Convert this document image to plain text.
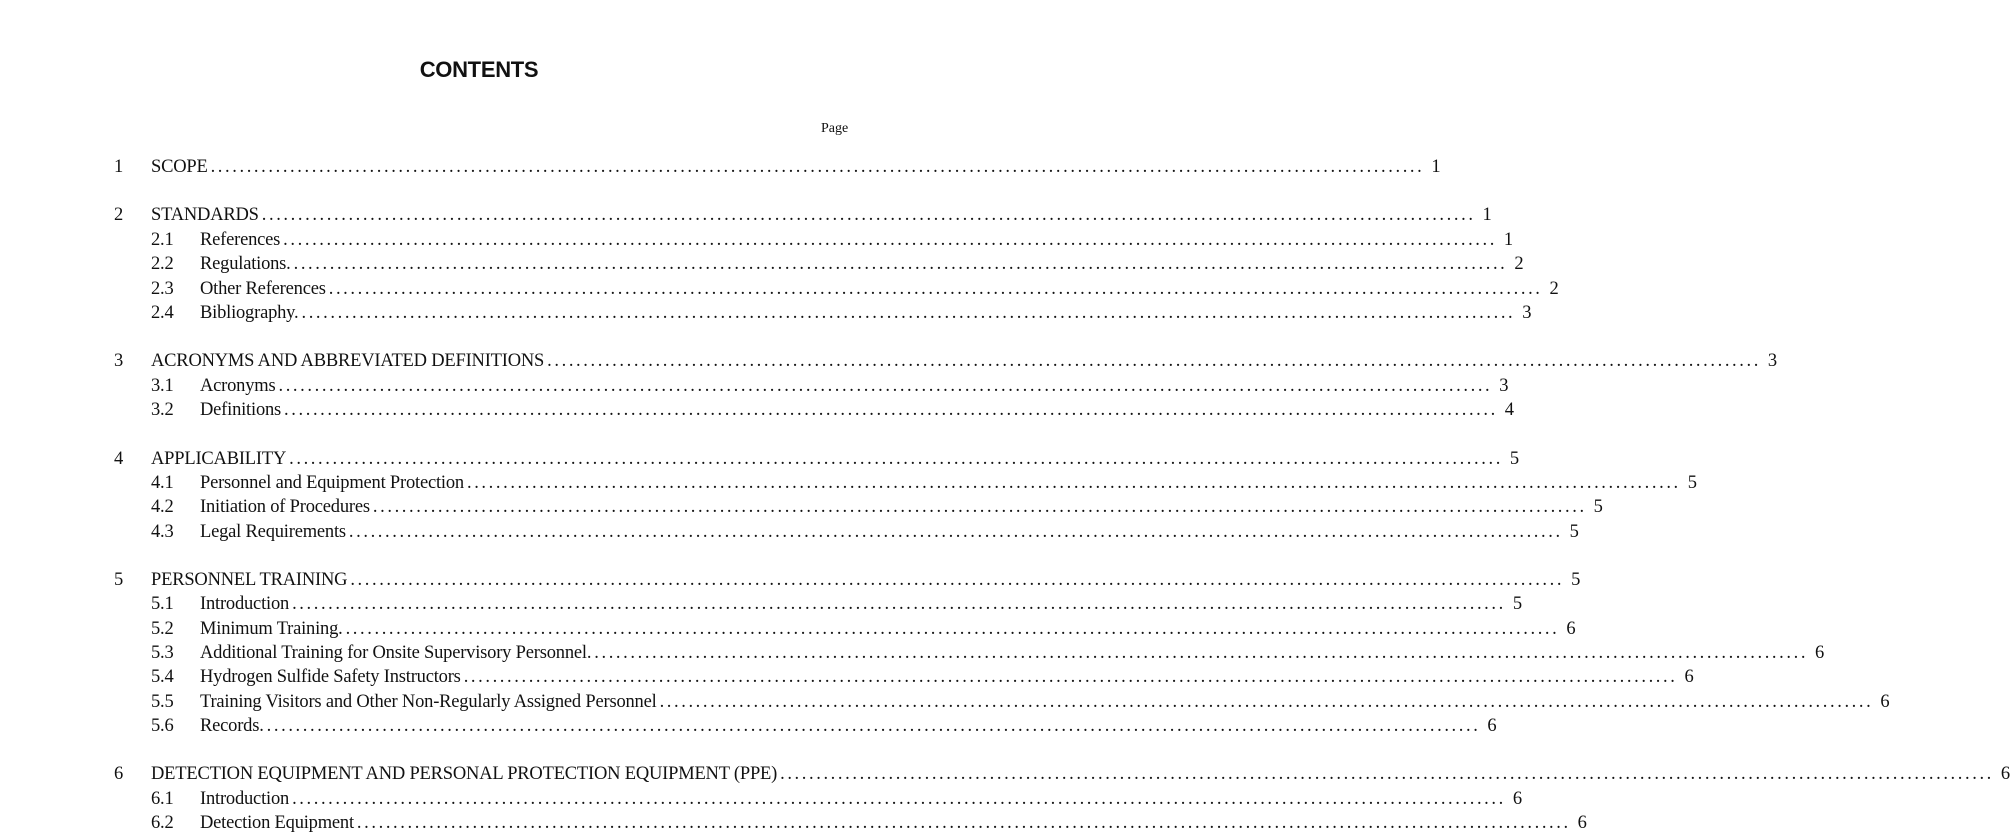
CONTENTS
Page
1	SCOPE ........................................................................................................................................................................ 1
2	STANDARDS ........................................................................................................................................................................ 1
2.1	References ........................................................................................................................................................................ 1
2.2	Regulations. ........................................................................................................................................................................ 2
2.3	Other References ........................................................................................................................................................................ 2
2.4	Bibliography. ........................................................................................................................................................................ 3
3	ACRONYMS AND ABBREVIATED DEFINITIONS ........................................................................................................................................................................ 3
3.1	Acronyms ........................................................................................................................................................................ 3
3.2	Definitions ........................................................................................................................................................................ 4
4	APPLICABILITY ........................................................................................................................................................................ 5
4.1	Personnel and Equipment Protection ........................................................................................................................................................................ 5
4.2	Initiation of Procedures ........................................................................................................................................................................ 5
4.3	Legal Requirements ........................................................................................................................................................................ 5
5	PERSONNEL TRAINING ........................................................................................................................................................................ 5
5.1	Introduction ........................................................................................................................................................................ 5
5.2	Minimum Training. ........................................................................................................................................................................ 6
5.3	Additional Training for Onsite Supervisory Personnel. ........................................................................................................................................................................ 6
5.4	Hydrogen Sulfide Safety Instructors ........................................................................................................................................................................ 6
5.5	Training Visitors and Other Non-Regularly Assigned Personnel ........................................................................................................................................................................ 6
5.6	Records. ........................................................................................................................................................................ 6
6	DETECTION EQUIPMENT AND PERSONAL PROTECTION EQUIPMENT (PPE) ........................................................................................................................................................................ 6
6.1	Introduction ........................................................................................................................................................................ 6
6.2	Detection Equipment ........................................................................................................................................................................ 6
